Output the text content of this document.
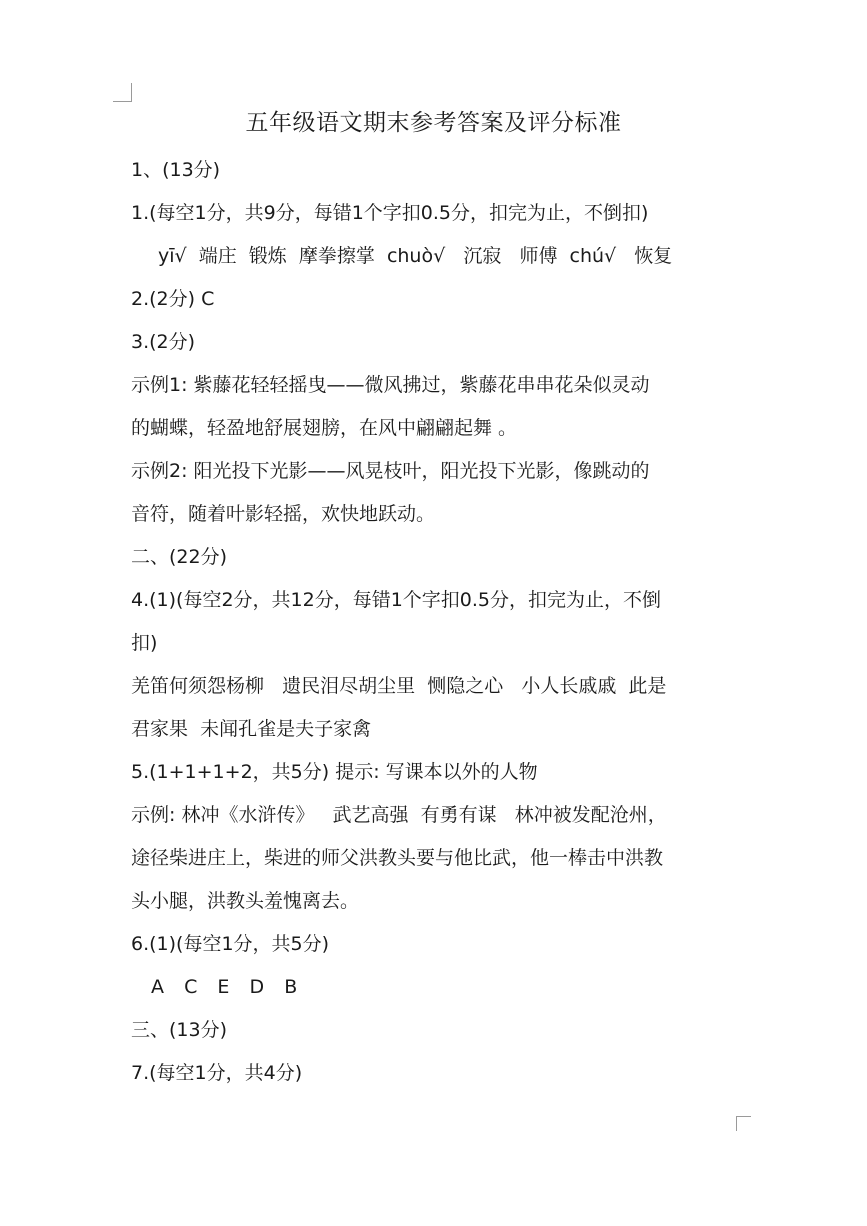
五年级语文期末参考答案及评分标准
1、(13分)
1.(每空1分，共9分，每错1个字扣0.5分，扣完为止，不倒扣)
yī√  端庄  锻炼  摩拳擦掌  chuò√   沉寂   师傅  chú√   恢复
2.(2分) C
3.(2分)
示例1: 紫藤花轻轻摇曳——微风拂过，紫藤花串串花朵似灵动
的蝴蝶，轻盈地舒展翅膀，在风中翩翩起舞 。
示例2: 阳光投下光影——风晃枝叶，阳光投下光影，像跳动的
音符，随着叶影轻摇，欢快地跃动。
二、(22分)
4.(1)(每空2分，共12分，每错1个字扣0.5分，扣完为止，不倒
扣)
羌笛何须怨杨柳   遗民泪尽胡尘里  恻隐之心   小人长戚戚  此是
君家果  未闻孔雀是夫子家禽
5.(1+1+1+2，共5分) 提示: 写课本以外的人物
示例: 林冲《水浒传》   武艺高强  有勇有谋   林冲被发配沧州，
途径柴进庄上，柴进的师父洪教头要与他比武，他一棒击中洪教
头小腿，洪教头羞愧离去。
6.(1)(每空1分，共5分)
A  C  E  D  B
三、(13分)
7.(每空1分，共4分)
